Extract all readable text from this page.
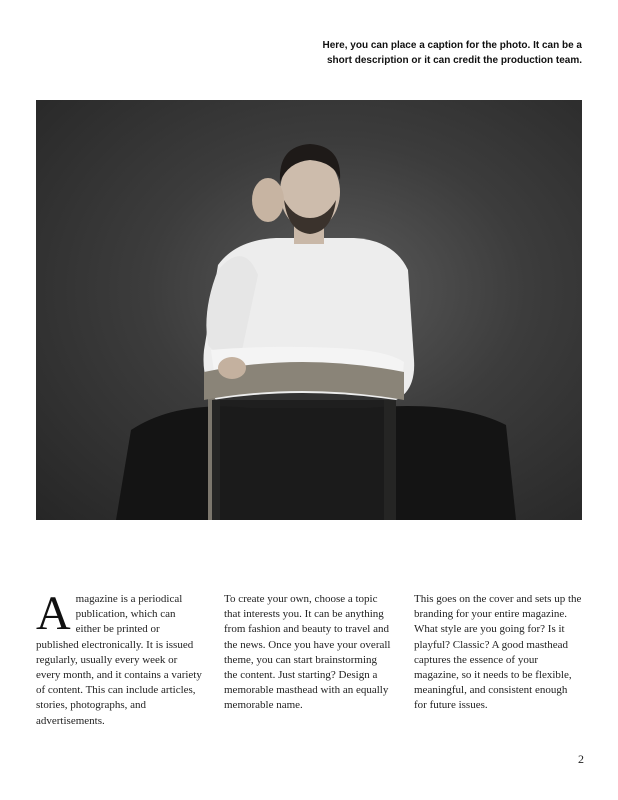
Here, you can place a caption for the photo. It can be a
short description or it can credit the production team.

A magazine is a periodical publication, which can either be printed or published electronically. It is issued regularly, usually every week or every month, and it contains a variety of content. This can include articles, stories, photographs, and advertisements.

To create your own, choose a topic that interests you. It can be anything from fashion and beauty to travel and the news. Once you have your overall theme, you can start brainstorming the content. Just starting? Design a memorable masthead with an equally memorable name.

This goes on the cover and sets up the branding for your entire magazine. What style are you going for? Is it playful? Classic? A good masthead captures the essence of your magazine, so it needs to be flexible, meaningful, and consistent enough for future issues.

2
